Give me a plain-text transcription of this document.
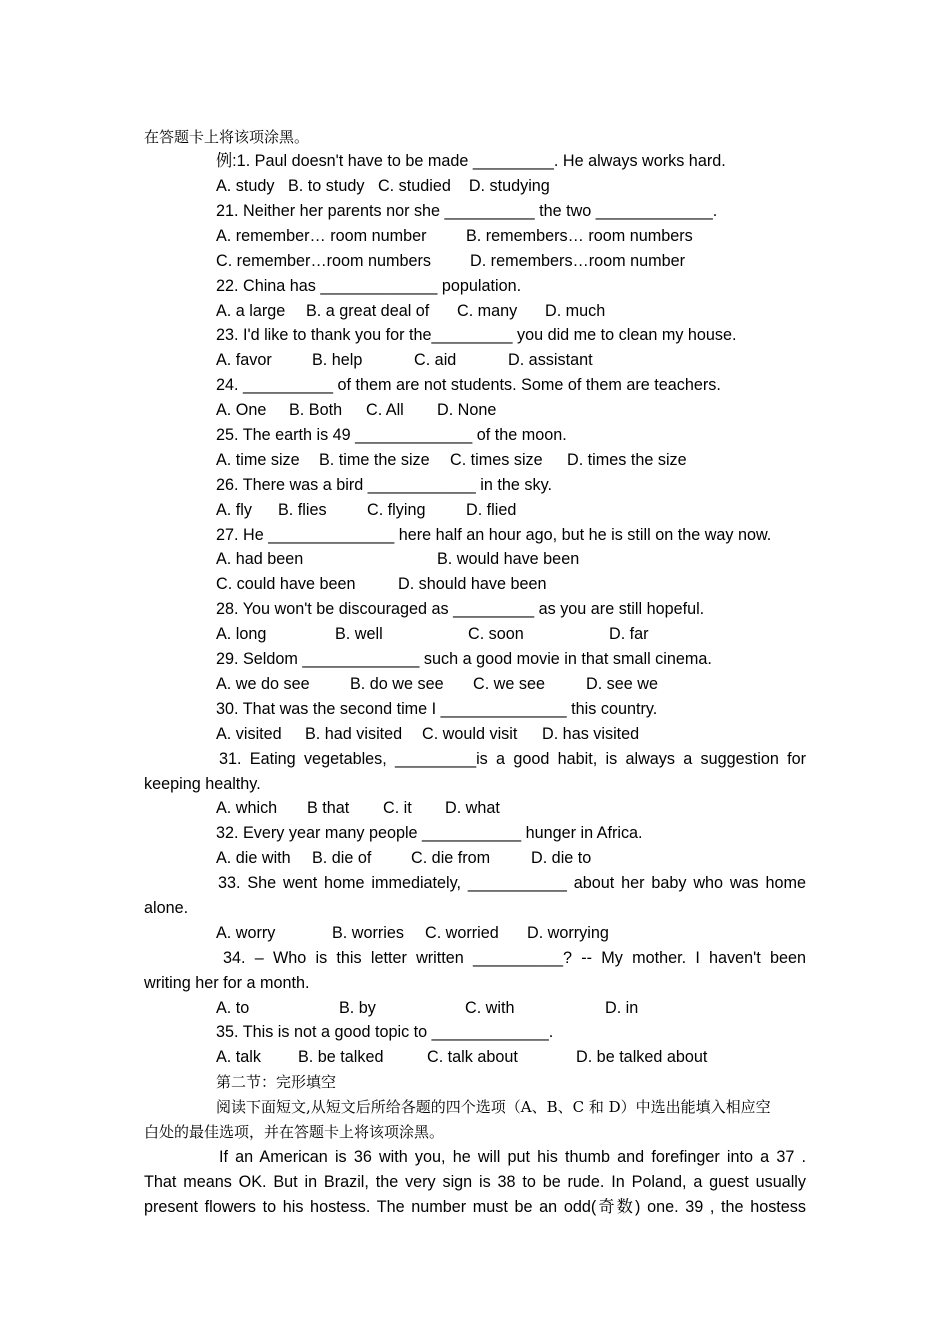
在答题卡上将该项涂黑。
例:1. Paul doesn't have to be made _________. He always works hard.
A. study   B. to study   C. studied    D. studying
21. Neither her parents nor she __________ the two _____________.

A. remember… room number

B. remembers… room numbers

C. remember…room numbers

D. remembers…room number

22. China has _____________ population.

A. a large

B. a great deal of

C. many

D. much

23. I'd like to thank you for the_________ you did me to clean my house.

A. favor

B. help

	C. aid

	D. assistant

24. __________ of them are not students. Some of them are teachers.

A. One

B. Both

C. All

D. None

25. The earth is 49 _____________ of the moon.

A. time size

B. time the size

C. times size

D. times the size

26. There was a bird ____________ in the sky.

A. fly

B. flies

C. flying

	D. flied

27. He ______________ here half an hour ago, but he is still on the way now.

A. had been

	B. would have been

C. could have been

	D. should have been

28. You won't be discouraged as _________ as you are still hopeful.

A. long

	B. well

	C. soon

	D. far

29. Seldom _____________ such a good movie in that small cinema.

A. we do see

B. do we see

C. we see

	D. see we

30. That was the second time I ______________ this country.

A. visited

B. had visited

C. would visit

D. has visited

31. Eating vegetables, _________is a good habit, is always a suggestion for
keeping healthy.

A. which

B that

C. it

D. what

32. Every year many people ___________ hunger in Africa.

A. die with

B. die of

C. die from

	D. die to

33. She went home immediately, ___________ about her baby who was home
alone.

A. worry

	B. worries

C. worried

D. worrying

34. – Who is this letter written __________? -- My mother. I haven't been
writing her for a month.

A. to

	B. by

	C. with

	D. in

35. This is not a good topic to _____________.

A. talk

B. be talked

	C. talk about

	D. be talked about

第二节：完形填空
阅读下面短文,从短文后所给各题的四个选项（A、B、C 和 D）中选出能填入相应空
白处的最佳选项，并在答题卡上将该项涂黑。
If an American is 36 with you, he will put his thumb and forefinger into a 37 .
That means OK. But in Brazil, the very sign is 38 to be rude. In Poland, a guest usually
present flowers to his hostess. The number must be an odd(奇数) one. 39 , the hostess
